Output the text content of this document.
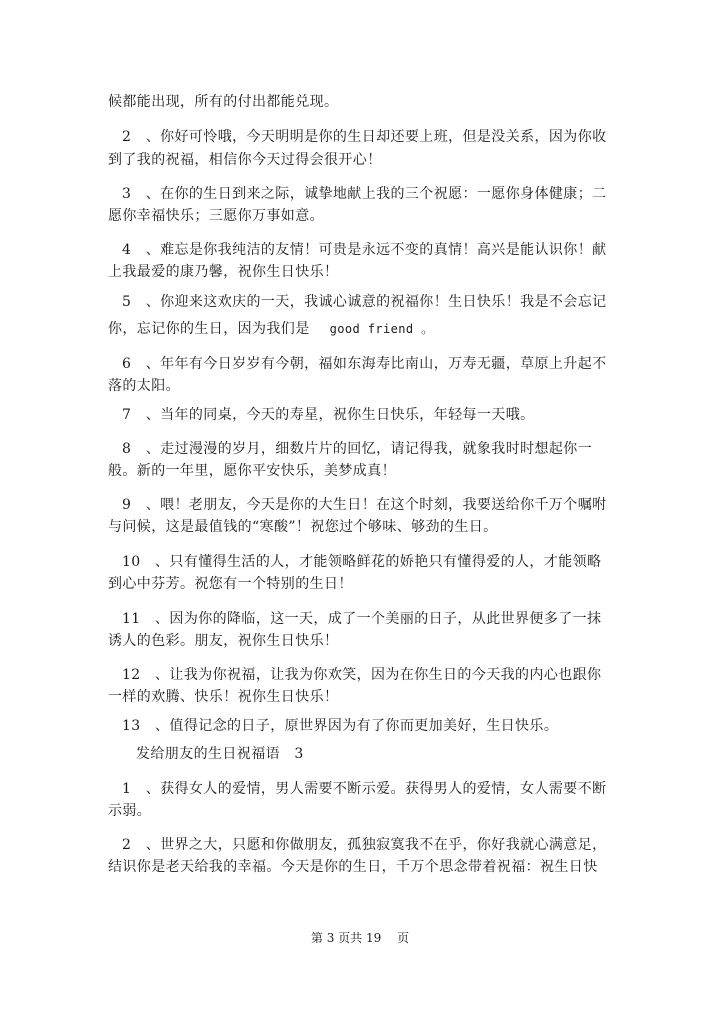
候都能出现，所有的付出都能兑现。
2　、你好可怜哦，今天明明是你的生日却还要上班，但是没关系，因为你收
到了我的祝福，相信你今天过得会很开心！
3　、在你的生日到来之际，诚挚地献上我的三个祝愿：一愿你身体健康；二
愿你幸福快乐；三愿你万事如意。
4　、难忘是你我纯洁的友情！可贵是永远不变的真情！高兴是能认识你！献
上我最爱的康乃馨，祝你生日快乐！
5　、你迎来这欢庆的一天，我诚心诚意的祝福你！生日快乐！我是不会忘记
你，忘记你的生日，因为我们是 good friend 。
6　、年年有今日岁岁有今朝，福如东海寿比南山，万寿无疆，草原上升起不
落的太阳。
7　、当年的同桌，今天的寿星，祝你生日快乐，年轻每一天哦。
8　、走过漫漫的岁月，细数片片的回忆，请记得我，就象我时时想起你一
般。新的一年里，愿你平安快乐，美梦成真！
9　、喂！老朋友，今天是你的大生日！在这个时刻，我要送给你千万个嘱咐
与问候，这是最值钱的“寒酸”！祝您过个够味、够劲的生日。
10　、只有懂得生活的人，才能领略鲜花的娇艳只有懂得爱的人，才能领略
到心中芬芳。祝您有一个特别的生日！
11　、因为你的降临，这一天，成了一个美丽的日子，从此世界便多了一抹
诱人的色彩。朋友，祝你生日快乐！
12　、让我为你祝福，让我为你欢笑，因为在你生日的今天我的内心也跟你
一样的欢腾、快乐！祝你生日快乐！
13　、值得记念的日子，原世界因为有了你而更加美好，生日快乐。
发给朋友的生日祝福语　3
1　、获得女人的爱情，男人需要不断示爱。获得男人的爱情，女人需要不断
示弱。
2　、世界之大，只愿和你做朋友，孤独寂寞我不在乎，你好我就心满意足，
结识你是老天给我的幸福。今天是你的生日，千万个思念带着祝福：祝生日快
第 3 页共 19　 页
